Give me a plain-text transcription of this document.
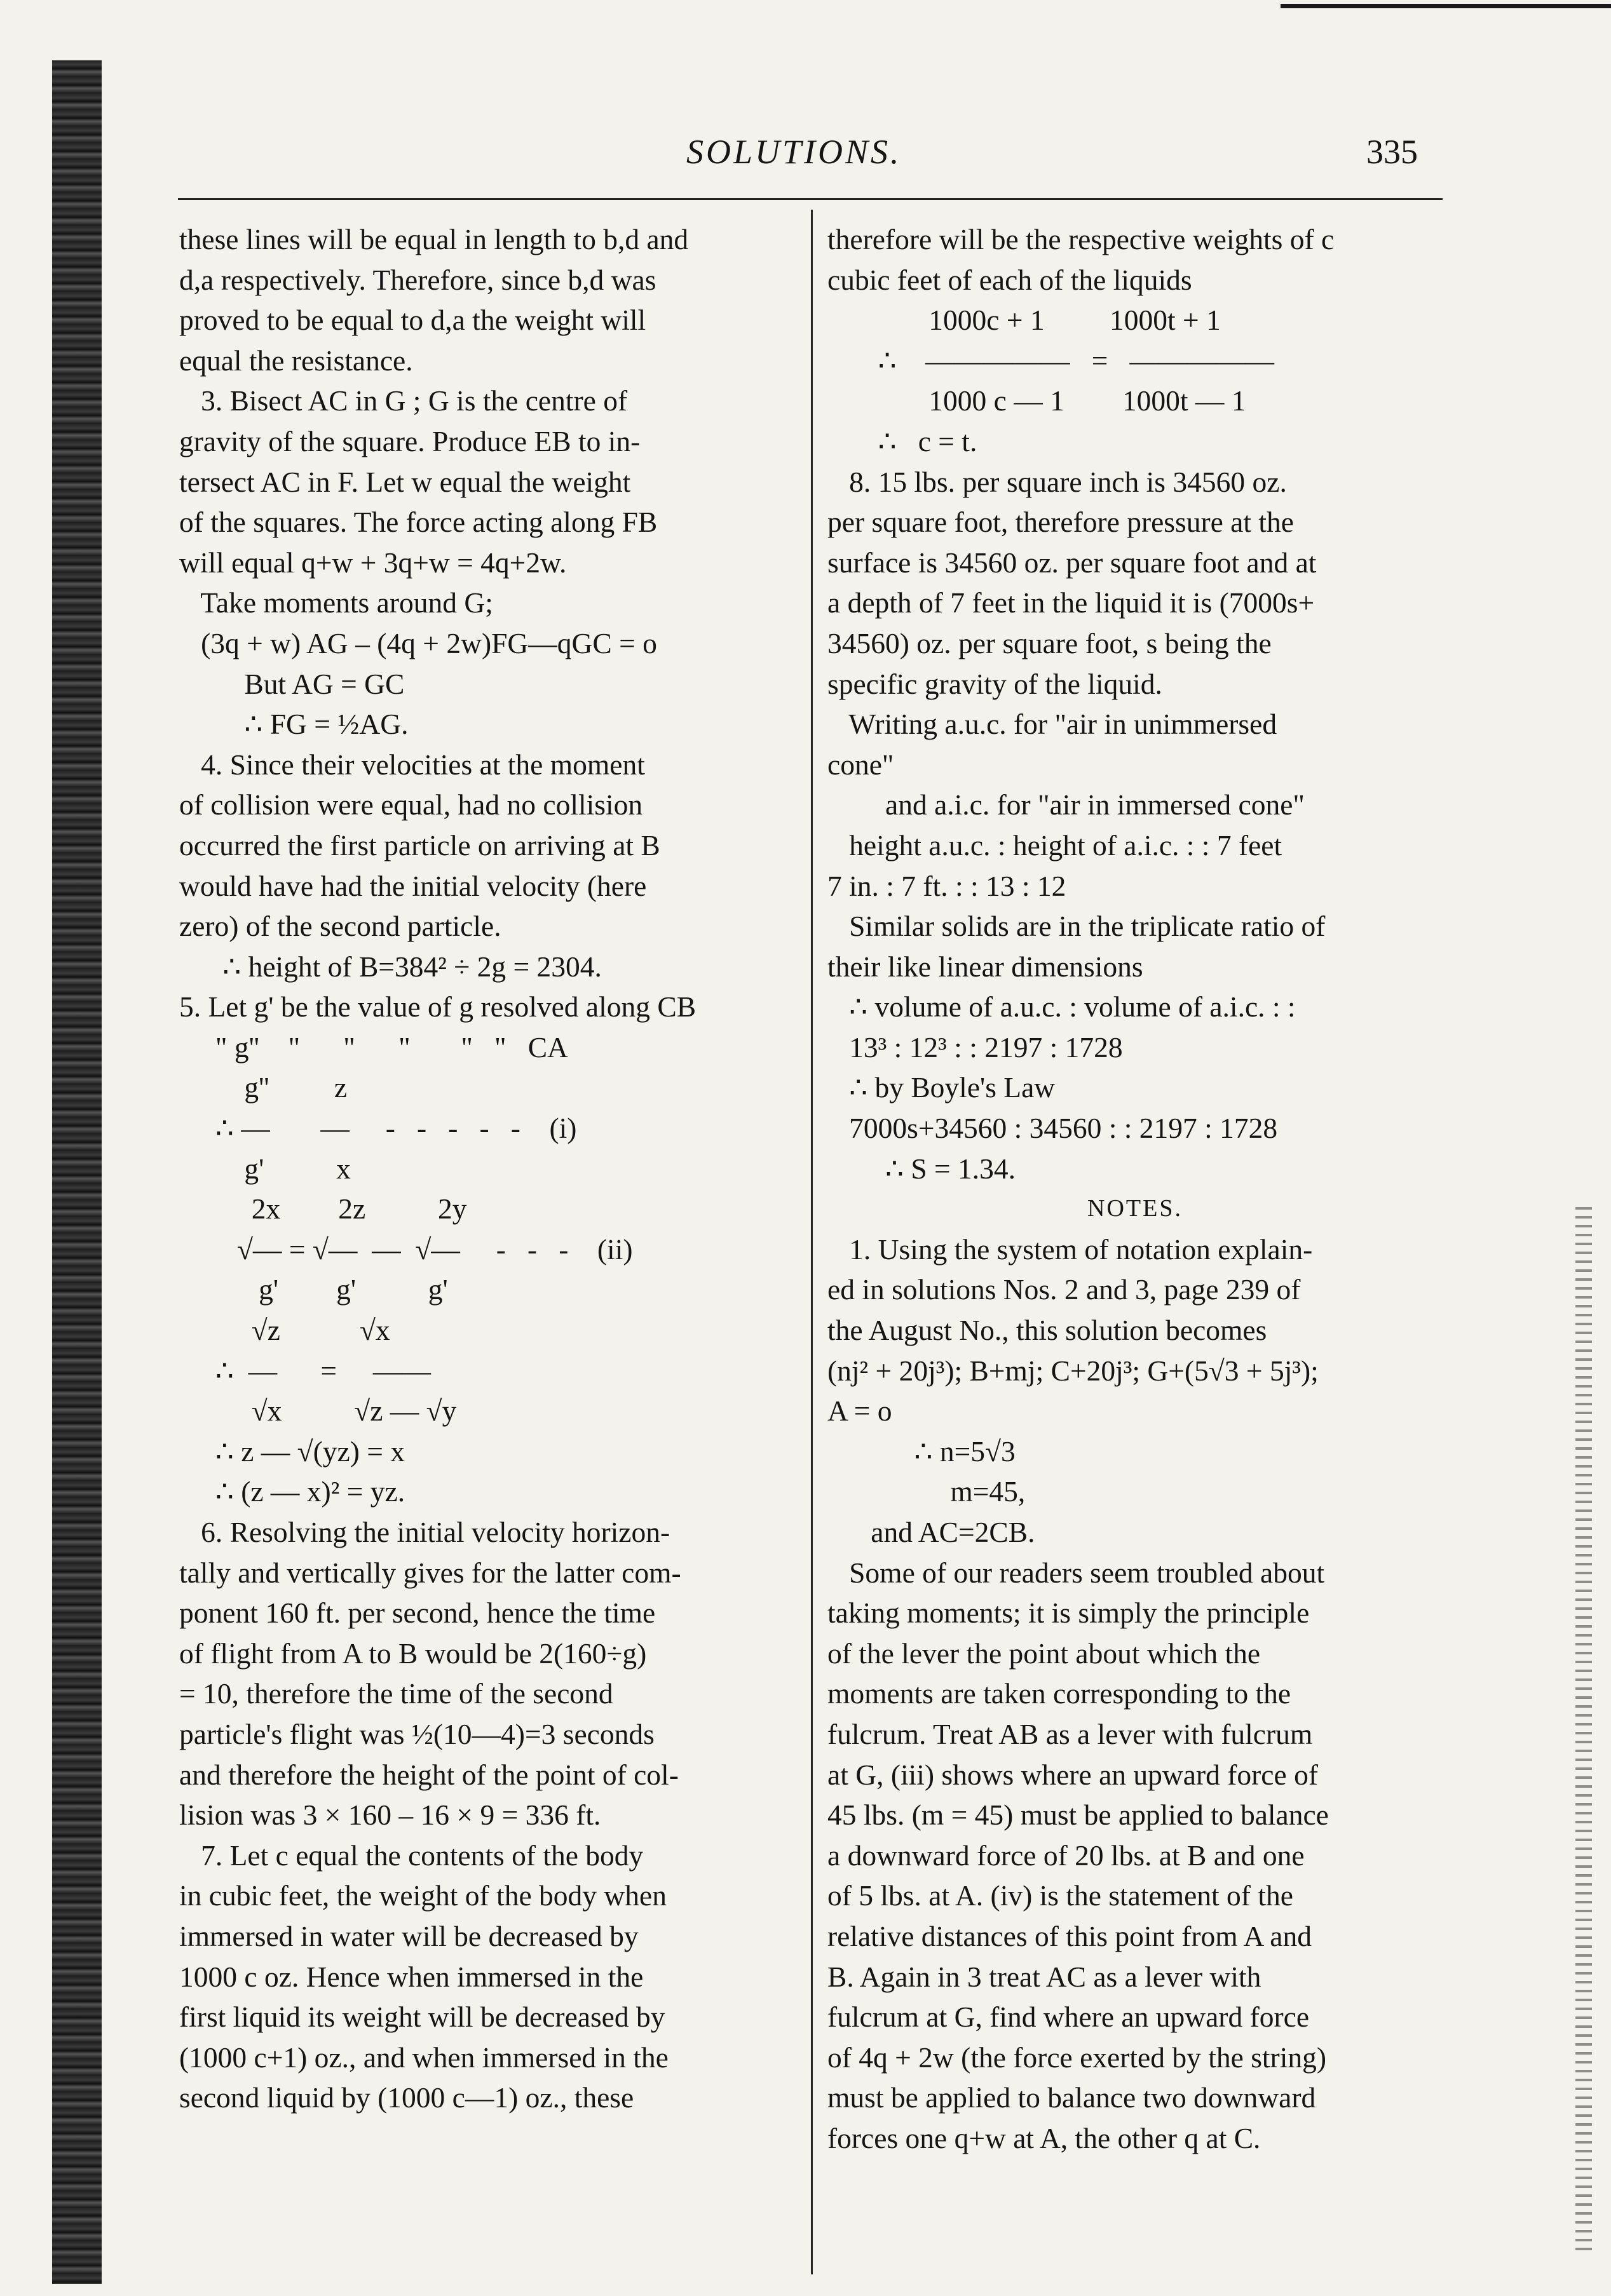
SOLUTIONS.	335
these lines will be equal in length to b,d and
d,a respectively. Therefore, since b,d was
proved to be equal to d,a the weight will
equal the resistance.
3. Bisect AC in G ; G is the centre of
gravity of the square. Produce EB to in-
tersect AC in F. Let w equal the weight
of the squares. The force acting along FB
will equal q+w + 3q+w = 4q+2w.
Take moments around G;
(3q + w) AG – (4q + 2w)FG—qGC = o
But AG = GC
∴ FG = ½AG.
4. Since their velocities at the moment
of collision were equal, had no collision
occurred the first particle on arriving at B
would have had the initial velocity (here
zero) of the second particle.
∴ height of B=384² ÷ 2g = 2304.
5. Let g' be the value of g resolved along CB
" g''    "      "      "       "   "   CA
g''         z
∴ —       —     -   -   -   -   -    (i)
g'          x
2x        2z          2y
√— = √—  —  √—     -   -   -    (ii)
g'        g'          g'
√z           √x
∴  —      =     ——
√x          √z — √y
∴ z — √(yz) = x
∴ (z — x)² = yz.
6. Resolving the initial velocity horizon-
tally and vertically gives for the latter com-
ponent 160 ft. per second, hence the time
of flight from A to B would be 2(160÷g)
= 10, therefore the time of the second
particle's flight was ½(10—4)=3 seconds
and therefore the height of the point of col-
lision was 3 × 160 – 16 × 9 = 336 ft.
7. Let c equal the contents of the body
in cubic feet, the weight of the body when
immersed in water will be decreased by
1000 c oz. Hence when immersed in the
first liquid its weight will be decreased by
(1000 c+1) oz., and when immersed in the
second liquid by (1000 c—1) oz., these
therefore will be the respective weights of c
cubic feet of each of the liquids
1000c + 1         1000t + 1
∴    —————   =   —————
1000 c — 1        1000t — 1
∴   c = t.
8. 15 lbs. per square inch is 34560 oz.
per square foot, therefore pressure at the
surface is 34560 oz. per square foot and at
a depth of 7 feet in the liquid it is (7000s+
34560) oz. per square foot, s being the
specific gravity of the liquid.
Writing a.u.c. for "air in unimmersed
cone"
and a.i.c. for "air in immersed cone"
height a.u.c. : height of a.i.c. : : 7 feet
7 in. : 7 ft. : : 13 : 12
Similar solids are in the triplicate ratio of
their like linear dimensions
∴ volume of a.u.c. : volume of a.i.c. : :
13³ : 12³ : : 2197 : 1728
∴ by Boyle's Law
7000s+34560 : 34560 : : 2197 : 1728
∴ S = 1.34.
NOTES.
1. Using the system of notation explain-
ed in solutions Nos. 2 and 3, page 239 of
the August No., this solution becomes
(nj² + 20j³); B+mj; C+20j³; G+(5√3 + 5j³);
A = o
∴ n=5√3
m=45,
and AC=2CB.
Some of our readers seem troubled about
taking moments; it is simply the principle
of the lever the point about which the
moments are taken corresponding to the
fulcrum. Treat AB as a lever with fulcrum
at G, (iii) shows where an upward force of
45 lbs. (m = 45) must be applied to balance
a downward force of 20 lbs. at B and one
of 5 lbs. at A. (iv) is the statement of the
relative distances of this point from A and
B. Again in 3 treat AC as a lever with
fulcrum at G, find where an upward force
of 4q + 2w (the force exerted by the string)
must be applied to balance two downward
forces one q+w at A, the other q at C.
